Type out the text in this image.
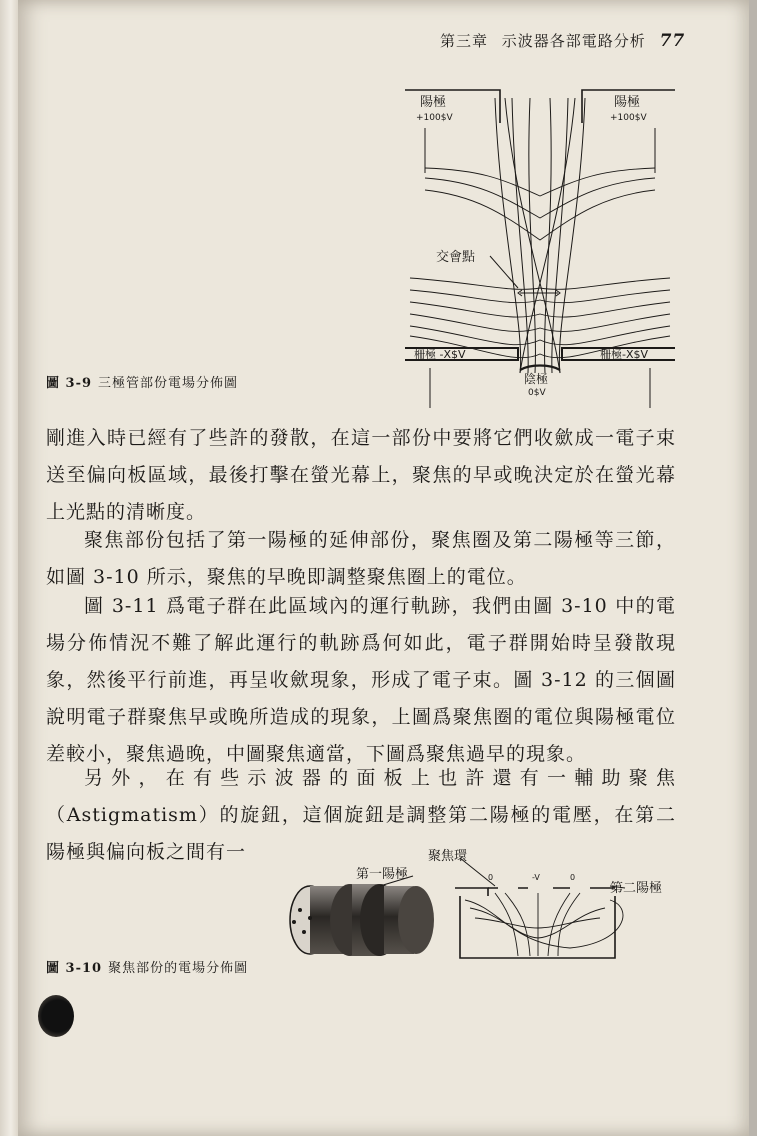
第三章 示波器各部電路分析 77
陽極
+100$V
陽極
+100$V
交會點
柵極 -X$V	柵極-X$V
陰極
0$V
圖 3-9 三極管部份電場分佈圖

剛進入時已經有了些許的發散，在這一部份中要將它們收歛成一電子束送至偏向板區域，最後打擊在螢光幕上，聚焦的早或晚決定於在螢光幕上光點的清晰度。

聚焦部份包括了第一陽極的延伸部份，聚焦圈及第二陽極等三節，如圖 3-10 所示，聚焦的早晚即調整聚焦圈上的電位。

圖 3-11 爲電子群在此區域內的運行軌跡，我們由圖 3-10 中的電場分佈情況不難了解此運行的軌跡爲何如此，電子群開始時呈發散現象，然後平行前進，再呈收歛現象，形成了電子束。圖 3-12 的三個圖說明電子群聚焦早或晚所造成的現象，上圖爲聚焦圈的電位與陽極電位差較小，聚焦過晚，中圖聚焦適當，下圖爲聚焦過早的現象。

另外，在有些示波器的面板上也許還有一輔助聚焦（Astigmatism）的旋鈕，這個旋鈕是調整第二陽極的電壓，在第二陽極與偏向板之間有一	聚焦環
第一陽極
第二陽極
0	-V	0
圖 3-10 聚焦部份的電場分佈圖
